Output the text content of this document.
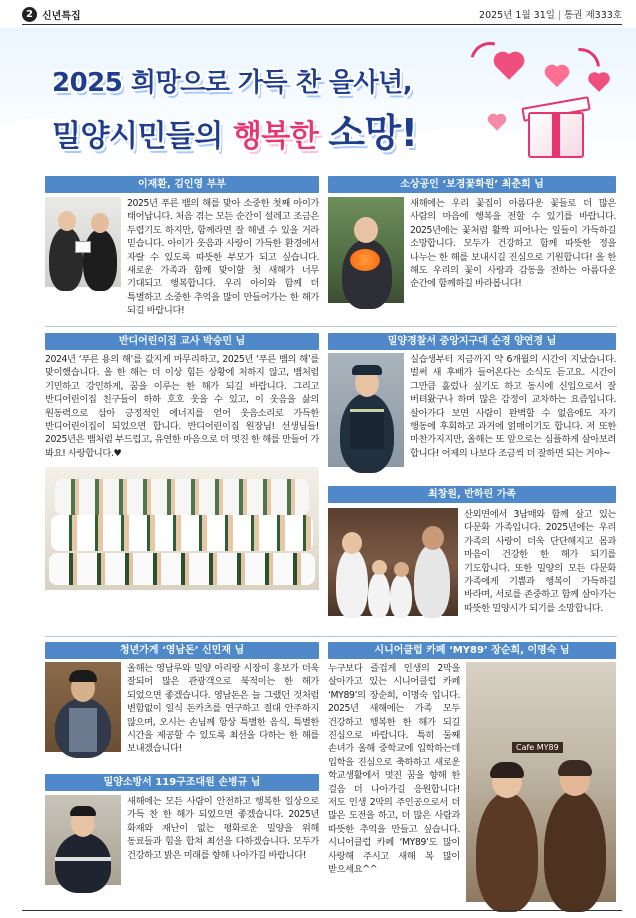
2 신년특집	2025년 1월 31일 | 통권 제333호
2025 희망으로 가득 찬 을사년,
밀양시민들의 행복한 소망!
이재환, 김인영 부부
2025년 푸른 뱀의 해를 맞아 소중한 첫째 아이가 태어납니다. 처음 겪는 모든 순간이 설레고 조금은 두렵기도 하지만, 함께라면 잘 해낼 수 있을 거라 믿습니다. 아이가 웃음과 사랑이 가득한 환경에서 자랄 수 있도록 따뜻한 부모가 되고 싶습니다. 새로운 가족과 함께 맞이할 첫 새해가 너무 기대되고 행복합니다. 우리 아이와 함께 더 특별하고 소중한 추억을 많이 만들어가는 한 해가 되길 바랍니다!
소상공인 ‘보경꽃화원’ 최춘희 님
새해에는 우리 꽃집이 아름다운 꽃들로 더 많은 사람의 마음에 행복을 전할 수 있기를 바랍니다. 2025년에는 꽃처럼 활짝 피어나는 일들이 가득하길 소망합니다. 모두가 건강하고 함께 따뜻한 정을 나누는 한 해를 보내시길 진심으로 기원합니다! 올 한 해도 우리의 꽃이 사랑과 감동을 전하는 아름다운 순간에 함께하길 바라봅니다!
반디어린이집 교사 박승민 님
2024년 ‘푸른 용의 해’를 값지게 마무리하고, 2025년 ‘푸른 뱀의 해’를 맞이했습니다. 올 한 해는 더 이상 힘든 상황에 처하지 않고, 뱀처럼 기민하고 강인하게, 꿈을 이루는 한 해가 되길 바랍니다. 그리고 반디어린이집 친구들이 하하 호호 웃을 수 있고, 이 웃음을 삶의 원동력으로 삼아 긍정적인 에너지를 얻어 웃음소리로 가득한 반디어린이집이 되었으면 합니다. 반디어린이집 원장님! 선생님들! 2025년은 뱀처럼 부드럽고, 유연한 마음으로 더 멋진 한 해를 만들어 가 봐요! 사랑합니다.♥
밀양경찰서 중앙지구대 순경 양연경 님
실습생부터 지금까지 약 6개월의 시간이 지났습니다. 벌써 새 후배가 들어온다는 소식도 듣고요. 시간이 그만큼 흘렀나 싶기도 하고 동시에 신입으로서 잘 버텨왔구나 하며 많은 감정이 교차하는 요즘입니다. 살아가다 보면 사람이 완벽할 수 없음에도 자기 행동에 후회하고 과거에 얽매이기도 합니다. 저 또한 마찬가지지만, 올해는 또 앞으로는 심플하게 살아보려 합니다! 어제의 나보다 조금씩 더 잘하면 되는 거야~
최창원, 반하린 가족
산외면에서 3남매와 함께 살고 있는 다문화 가족입니다. 2025년에는 우리 가족의 사랑이 더욱 단단해지고 몸과 마음이 건강한 한 해가 되기를 기도합니다. 또한 밀양의 모든 다문화 가족에게 기쁨과 행복이 가득하길 바라며, 서로를 존중하고 함께 살아가는 따뜻한 밀양시가 되기를 소망합니다.
청년가게 ‘영남돈’ 신민재 님
올해는 영남루와 밀양 아리랑 시장이 홍보가 더욱 잘되어 많은 관광객으로 북적이는 한 해가 되었으면 좋겠습니다. 영남돈은 늘 그랬던 것처럼 변함없이 일식 돈카츠를 연구하고 절대 안주하지 않으며, 오시는 손님께 항상 특별한 음식, 특별한 시간을 제공할 수 있도록 최선을 다하는 한 해를 보내겠습니다!
시니어클럽 카페 ‘MY89’ 장순희, 이명숙 님
누구보다 즐겁게 인생의 2막을 살아가고 있는 시니어클럽 카페 ‘MY89’의 장순희, 이명숙 입니다. 2025년 새해에는 가족 모두 건강하고 행복한 한 해가 되길 진심으로 바랍니다. 특히 둘째 손녀가 올해 중학교에 입학하는데 입학을 진심으로 축하하고 새로운 학교생활에서 멋진 꿈을 향해 한 걸음 더 나아가길 응원합니다! 저도 인생 2막의 주인공으로서 더 많은 도전을 하고, 더 많은 사람과 따뜻한 추억을 만들고 싶습니다. 시니어클럽 카페 ‘MY89’도 많이 사랑해 주시고 새해 복 많이 받으세요^^
Cafe MY89
밀양소방서 119구조대원 손병규 님
새해에는 모든 사람이 안전하고 행복한 일상으로 가득 찬 한 해가 되었으면 좋겠습니다. 2025년 화재와 재난이 없는 평화로운 밀양을 위해 동료들과 힘을 합쳐 최선을 다하겠습니다. 모두가 건강하고 밝은 미래를 향해 나아가길 바랍니다!
